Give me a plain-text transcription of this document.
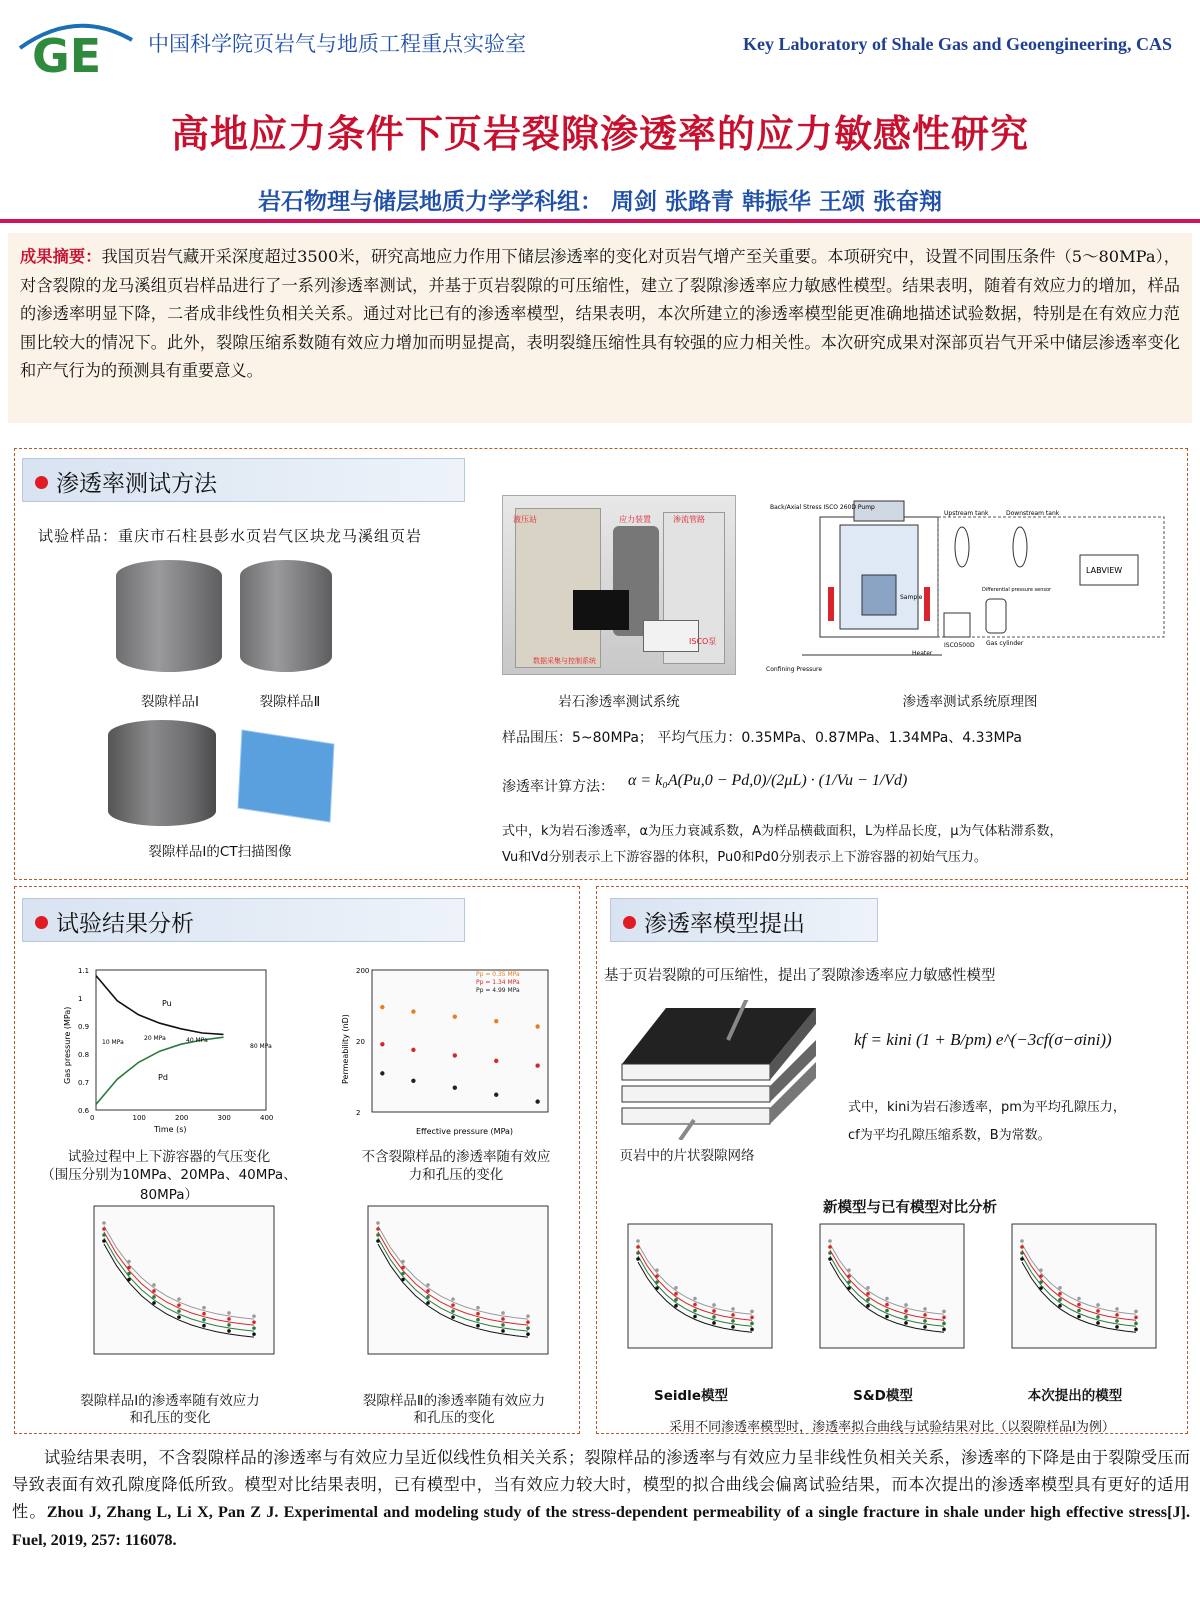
GE 中国科学院页岩气与地质工程重点实验室	Key Laboratory of Shale Gas and Geoengineering, CAS
高地应力条件下页岩裂隙渗透率的应力敏感性研究
岩石物理与储层地质力学学科组： 周剑 张路青 韩振华 王颂 张奋翔
成果摘要：我国页岩气藏开采深度超过3500米，研究高地应力作用下储层渗透率的变化对页岩气增产至关重要。本项研究中，设置不同围压条件（5～80MPa），对含裂隙的龙马溪组页岩样品进行了一系列渗透率测试，并基于页岩裂隙的可压缩性，建立了裂隙渗透率应力敏感性模型。结果表明，随着有效应力的增加，样品的渗透率明显下降，二者成非线性负相关关系。通过对比已有的渗透率模型，结果表明，本次所建立的渗透率模型能更准确地描述试验数据，特别是在有效应力范围比较大的情况下。此外，裂隙压缩系数随有效应力增加而明显提高，表明裂缝压缩性具有较强的应力相关性。本次研究成果对深部页岩气开采中储层渗透率变化和产气行为的预测具有重要意义。
渗透率测试方法
试验样品：重庆市石柱县彭水页岩气区块龙马溪组页岩
裂隙样品Ⅰ	裂隙样品Ⅱ
裂隙样品Ⅰ的CT扫描图像
液压站	应力装置	渗流管路
数据采集与控制系统
ISCO泵
岩石渗透率测试系统
Back/Axial Stress ISCO 260D Pump
Upstream tank	Downstream tank
LABVIEW
Sample
Gas cylinder
ISCO500D
Differential pressure sensor
Confining Pressure
Heater
渗透率测试系统原理图
样品围压：5~80MPa； 平均气压力：0.35MPa、0.87MPa、1.34MPa、4.33MPa
渗透率计算方法： α = k₀A(Pu,0 − Pd,0)/(2μL) · (1/Vu − 1/Vd)
式中，k为岩石渗透率，α为压力衰减系数，A为样品横截面积，L为样品长度，μ为气体粘滞系数，
Vu和Vd分别表示上下游容器的体积，Pu0和Pd0分别表示上下游容器的初始气压力。
试验结果分析
0	100	200	300	400
0.6
0.7
0.8
0.9
1
1.1
Time (s)
Gas pressure (MPa)
Pu
Pd
10 MPa
20 MPa	40 MPa
80 MPa
试验过程中上下游容器的气压变化
（围压分别为10MPa、20MPa、40MPa、80MPa）
2
20
200
Effective pressure (MPa)
Permeability (nD)
Pp = 0.35 MPa
Pp = 1.34 MPa
Pp = 4.99 MPa
不含裂隙样品的渗透率随有效应
力和孔压的变化
裂隙样品Ⅰ的渗透率随有效应力
和孔压的变化
裂隙样品Ⅱ的渗透率随有效应力
和孔压的变化
渗透率模型提出
基于页岩裂隙的可压缩性，提出了裂隙渗透率应力敏感性模型
页岩中的片状裂隙网络
kf = kini (1 + B/pm) e^(−3cf(σ−σini))
式中，kini为岩石渗透率，pm为平均孔隙压力，
cf为平均孔隙压缩系数，B为常数。
新模型与已有模型对比分析
Seidle模型	S&D模型	本次提出的模型
采用不同渗透率模型时，渗透率拟合曲线与试验结果对比（以裂隙样品Ⅰ为例）
试验结果表明，不含裂隙样品的渗透率与有效应力呈近似线性负相关关系；裂隙样品的渗透率与有效应力呈非线性负相关关系，渗透率的下降是由于裂隙受压而导致表面有效孔隙度降低所致。模型对比结果表明，已有模型中，当有效应力较大时，模型的拟合曲线会偏离试验结果，而本次提出的渗透率模型具有更好的适用性。Zhou J, Zhang L, Li X, Pan Z J. Experimental and modeling study of the stress-dependent permeability of a single fracture in shale under high effective stress[J]. Fuel, 2019, 257: 116078.
